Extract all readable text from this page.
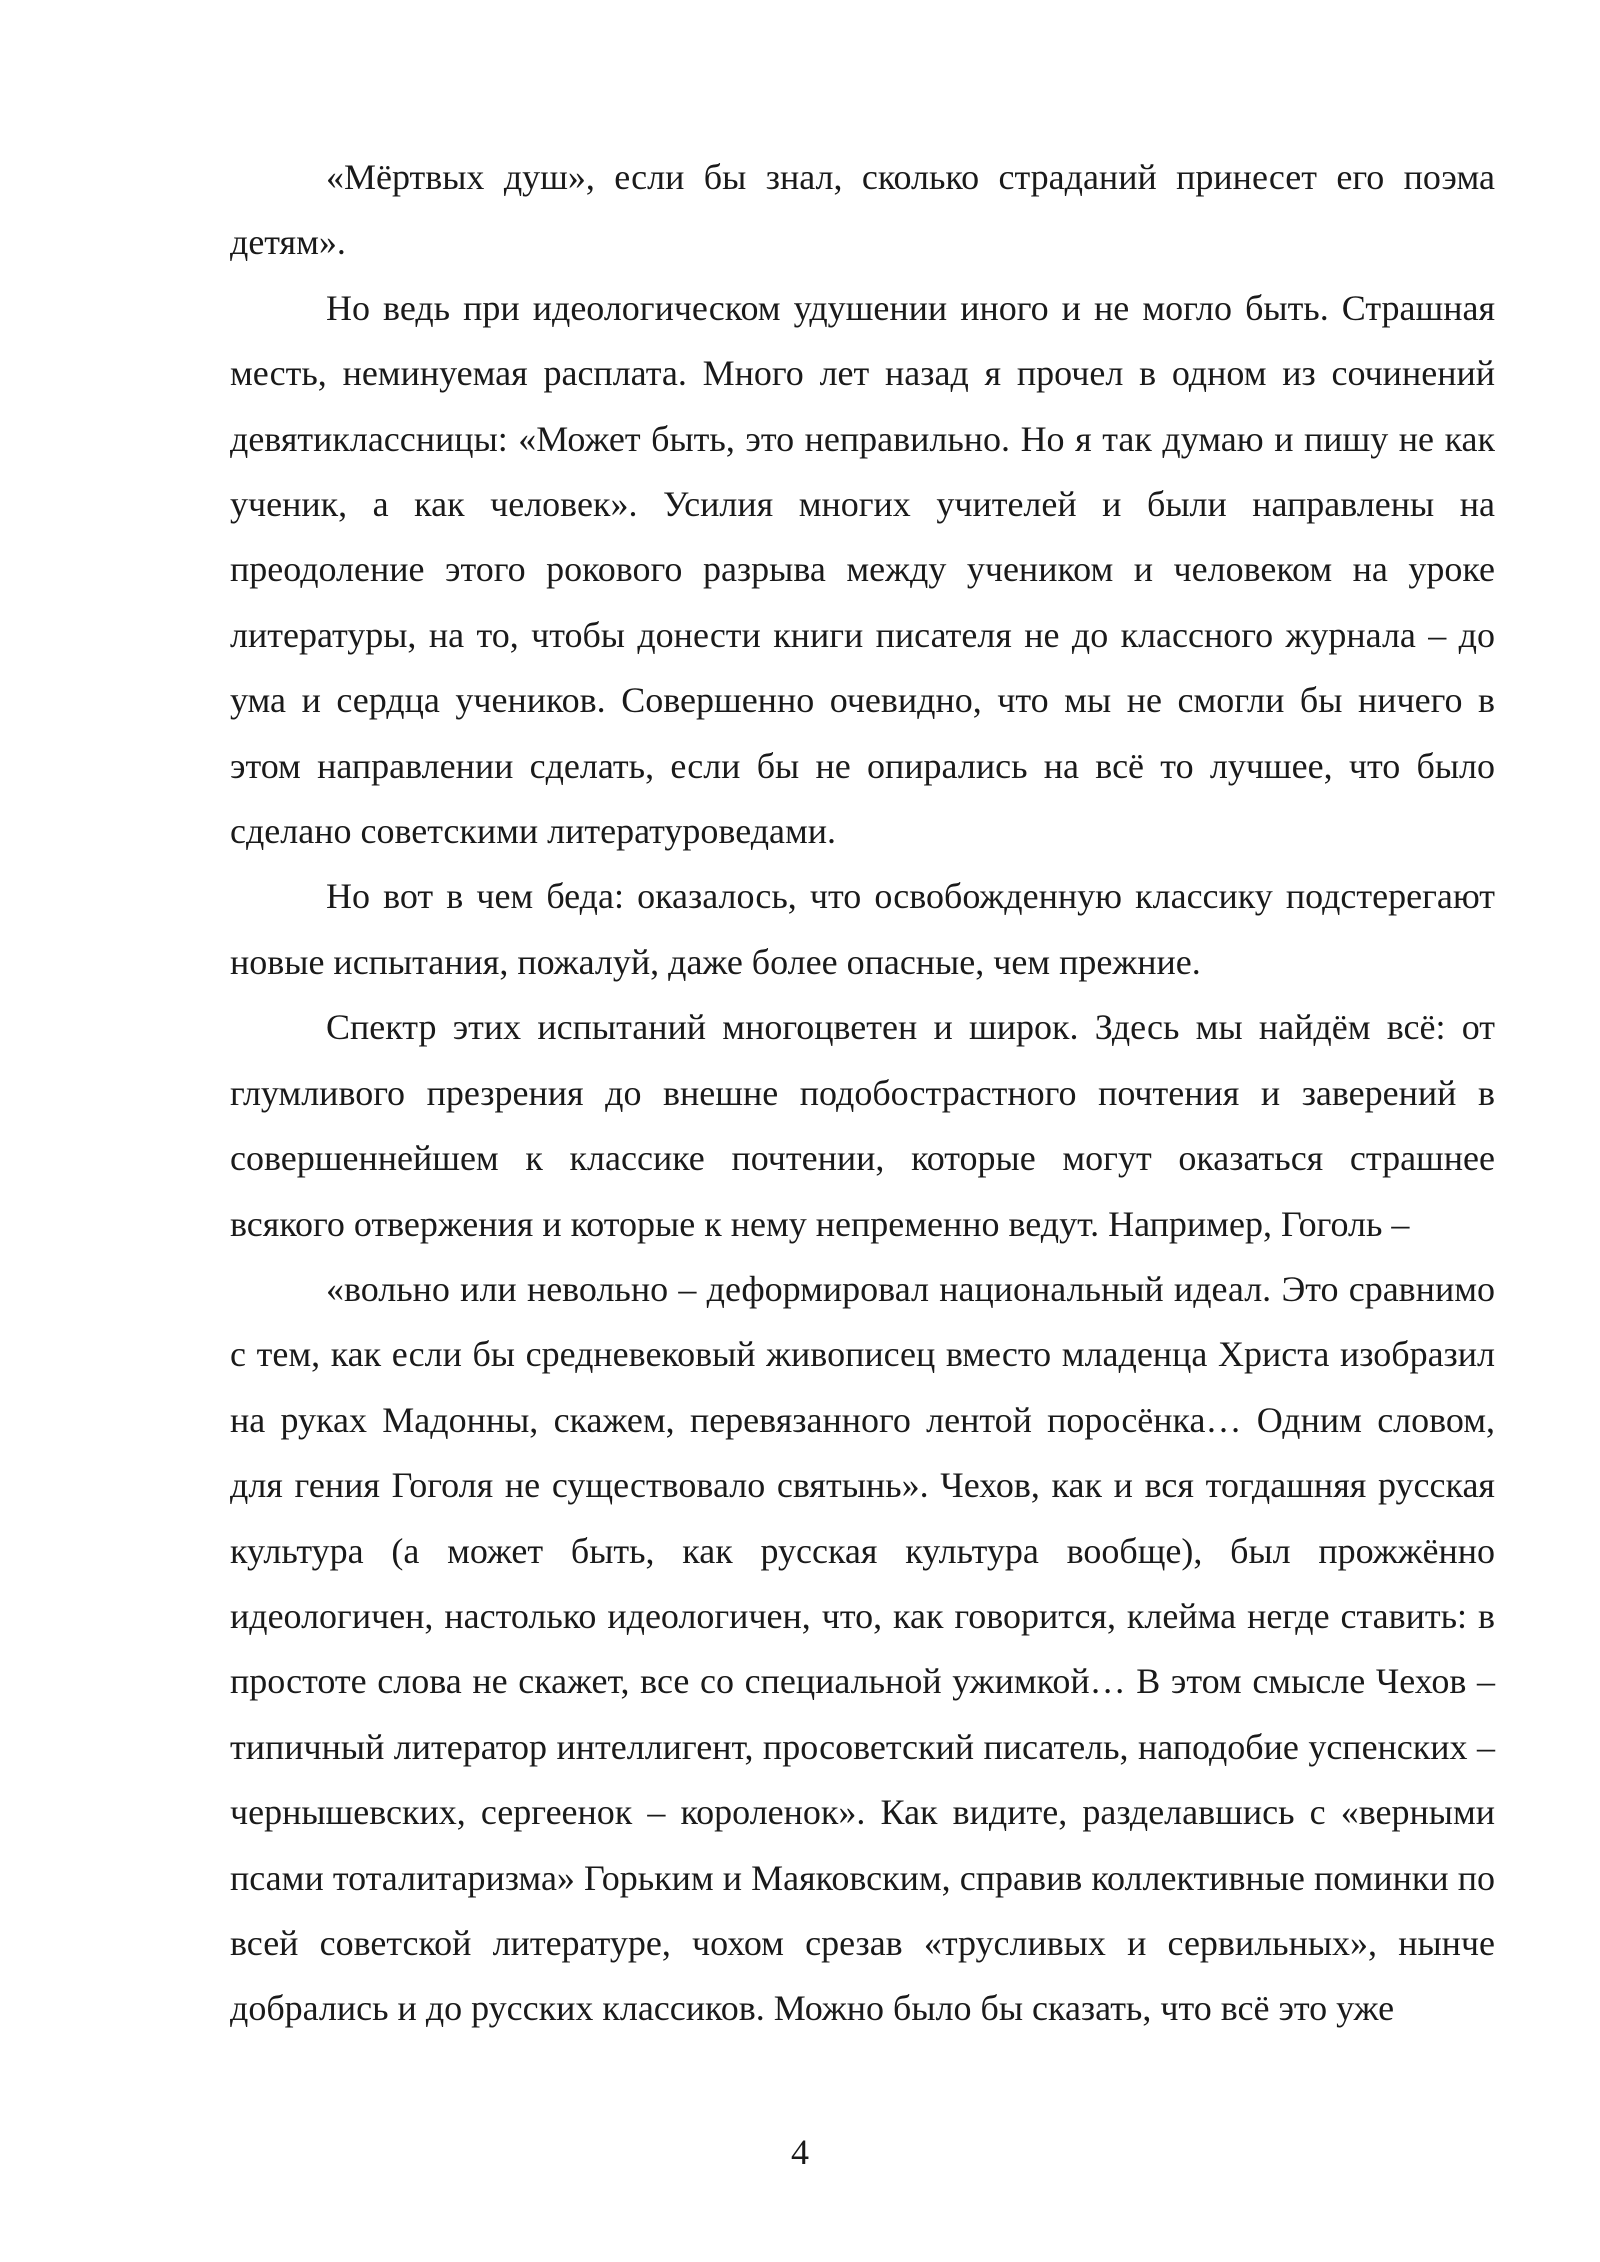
«Мёртвых душ», если бы знал, сколько страданий принесет его поэма детям».

Но ведь при идеологическом удушении иного и не могло быть. Страшная месть, неминуемая расплата. Много лет назад я прочел в одном из сочинений девятиклассницы: «Может быть, это неправильно. Но я так думаю и пишу не как ученик, а как человек». Усилия многих учителей и были направлены на преодоление этого рокового разрыва между учеником и человеком на уроке литературы, на то, чтобы донести книги писателя не до классного журнала – до ума и сердца учеников. Совершенно очевидно, что мы не смогли бы ничего в этом направлении сделать, если бы не опирались на всё то лучшее, что было сделано советскими литературоведами.

Но вот в чем беда: оказалось, что освобожденную классику подстерегают новые испытания, пожалуй, даже более опасные, чем прежние.

Спектр этих испытаний многоцветен и широк. Здесь мы найдём всё: от глумливого презрения до внешне подобострастного почтения и заверений в совершеннейшем к классике почтении, которые могут оказаться страшнее всякого отвержения и которые к нему непременно ведут. Например, Гоголь –

«вольно или невольно – деформировал национальный идеал. Это сравнимо с тем, как если бы средневековый живописец вместо младенца Христа изобразил на руках Мадонны, скажем, перевязанного лентой поросёнка… Одним словом, для гения Гоголя не существовало святынь». Чехов, как и вся тогдашняя русская культура (а может быть, как русская культура вообще), был прожжённо идеологичен, настолько идеологичен, что, как говорится, клейма негде ставить: в простоте слова не скажет, все со специальной ужимкой… В этом смысле Чехов – типичный литератор интеллигент, просоветский писатель, наподобие успенских – чернышевских, сергеенок – короленок». Как видите, разделавшись с «верными псами тоталитаризма» Горьким и Маяковским, справив коллективные поминки по всей советской литературе, чохом срезав «трусливых и сервильных», нынче добрались и до русских классиков. Можно было бы сказать, что всё это уже

4
